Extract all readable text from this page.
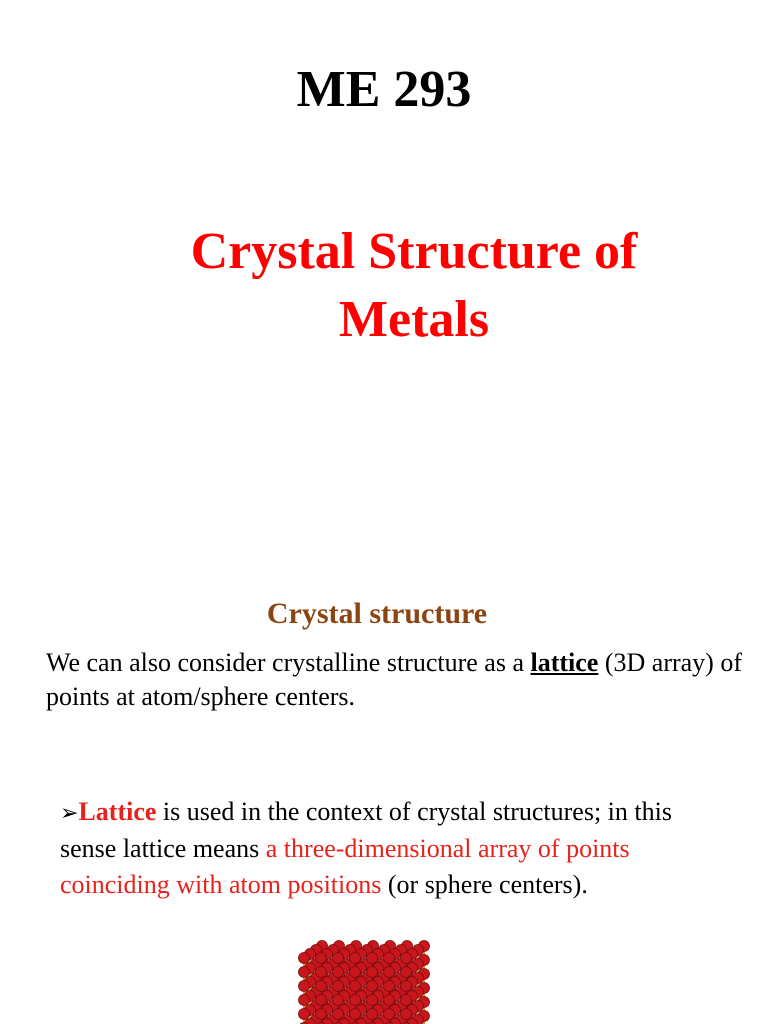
ME 293
Crystal Structure of Metals
Crystal structure

We can also consider crystalline structure as a lattice (3D array) of points at atom/sphere centers.

➢Lattice is used in the context of crystal structures; in this sense lattice means a three-dimensional array of points coinciding with atom positions (or sphere centers).
